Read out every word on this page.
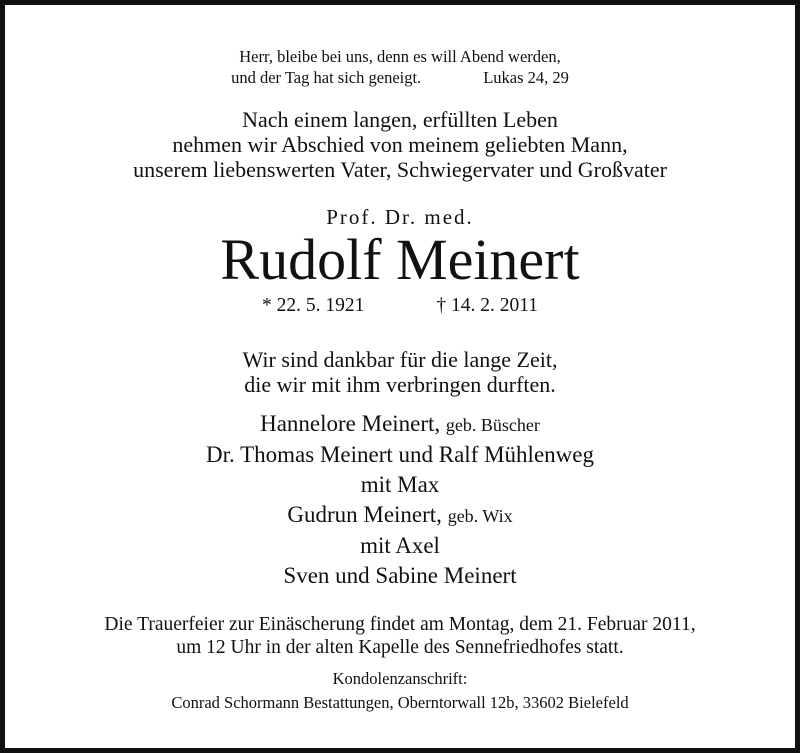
Herr, bleibe bei uns, denn es will Abend werden,
und der Tag hat sich geneigt.	Lukas 24, 29
Nach einem langen, erfüllten Leben
nehmen wir Abschied von meinem geliebten Mann,
unserem liebenswerten Vater, Schwiegervater und Großvater
Prof. Dr. med.
Rudolf Meinert
* 22. 5. 1921	† 14. 2. 2011
Wir sind dankbar für die lange Zeit,
die wir mit ihm verbringen durften.
Hannelore Meinert, geb. Büscher
Dr. Thomas Meinert und Ralf Mühlenweg
mit Max
Gudrun Meinert, geb. Wix
mit Axel
Sven und Sabine Meinert
Die Trauerfeier zur Einäscherung findet am Montag, dem 21. Februar 2011,
um 12 Uhr in der alten Kapelle des Sennefriedhofes statt.
Kondolenzanschrift:
Conrad Schormann Bestattungen, Oberntorwall 12b, 33602 Bielefeld
